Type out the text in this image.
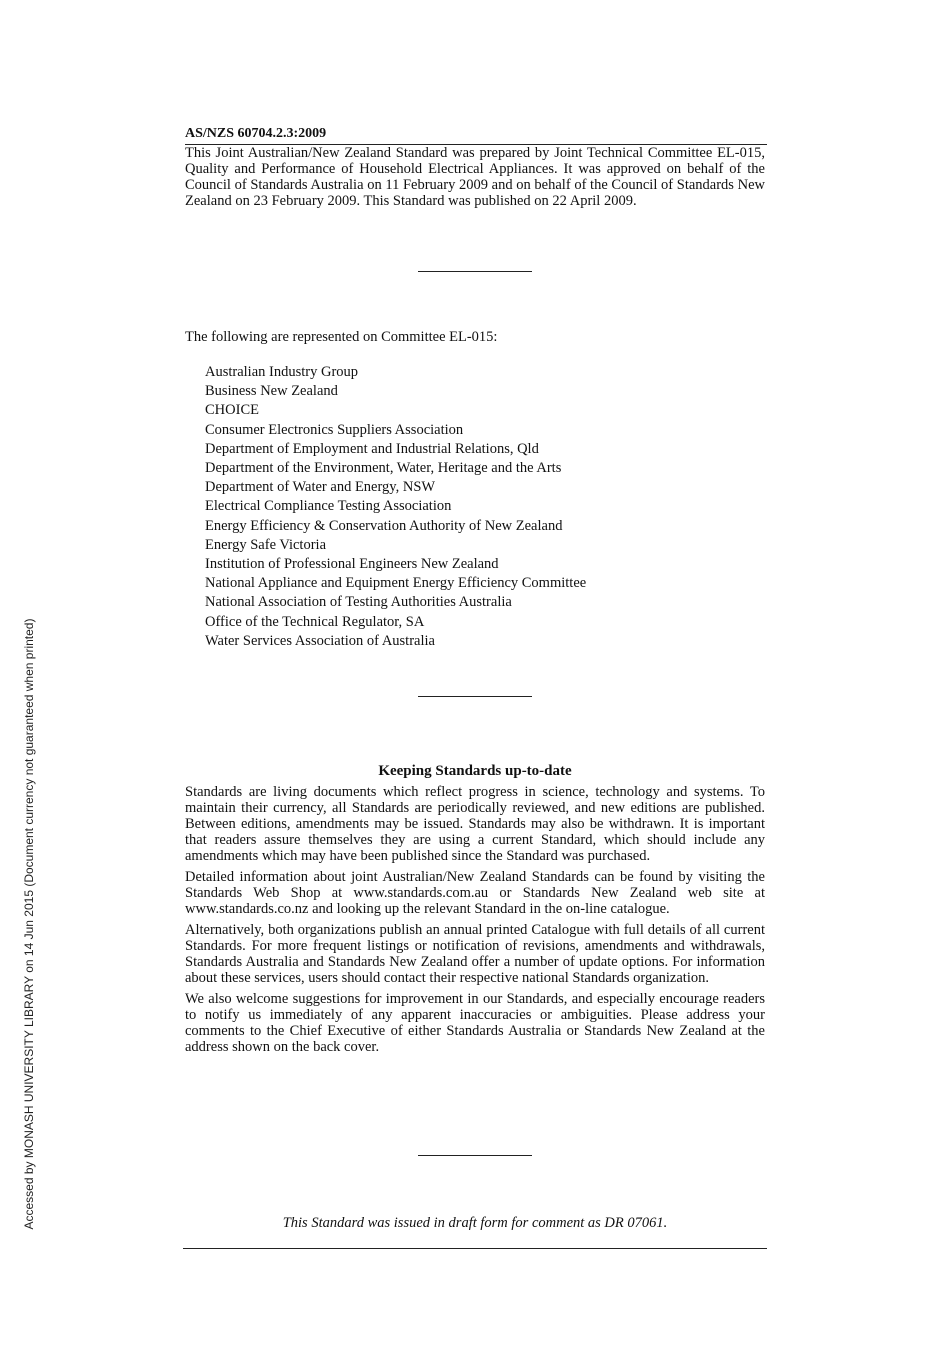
AS/NZS 60704.2.3:2009

This Joint Australian/New Zealand Standard was prepared by Joint Technical Committee EL-015, Quality and Performance of Household Electrical Appliances. It was approved on behalf of the Council of Standards Australia on 11 February 2009 and on behalf of the Council of Standards New Zealand on 23 February 2009. This Standard was published on 22 April 2009.

The following are represented on Committee EL-015:
Australian Industry Group
Business New Zealand
CHOICE
Consumer Electronics Suppliers Association
Department of Employment and Industrial Relations, Qld
Department of the Environment, Water, Heritage and the Arts
Department of Water and Energy, NSW
Electrical Compliance Testing Association
Energy Efficiency & Conservation Authority of New Zealand
Energy Safe Victoria
Institution of Professional Engineers New Zealand
National Appliance and Equipment Energy Efficiency Committee
National Association of Testing Authorities Australia
Office of the Technical Regulator, SA
Water Services Association of Australia
Keeping Standards up-to-date

Standards are living documents which reflect progress in science, technology and systems. To maintain their currency, all Standards are periodically reviewed, and new editions are published. Between editions, amendments may be issued. Standards may also be withdrawn. It is important that readers assure themselves they are using a current Standard, which should include any amendments which may have been published since the Standard was purchased.

Detailed information about joint Australian/New Zealand Standards can be found by visiting the Standards Web Shop at www.standards.com.au or Standards New Zealand web site at www.standards.co.nz and looking up the relevant Standard in the on-line catalogue.

Alternatively, both organizations publish an annual printed Catalogue with full details of all current Standards. For more frequent listings or notification of revisions, amendments and withdrawals, Standards Australia and Standards New Zealand offer a number of update options. For information about these services, users should contact their respective national Standards organization.

We also welcome suggestions for improvement in our Standards, and especially encourage readers to notify us immediately of any apparent inaccuracies or ambiguities. Please address your comments to the Chief Executive of either Standards Australia or Standards New Zealand at the address shown on the back cover.

This Standard was issued in draft form for comment as DR 07061.
Accessed by MONASH UNIVERSITY LIBRARY on 14 Jun 2015 (Document currency not guaranteed when printed)
